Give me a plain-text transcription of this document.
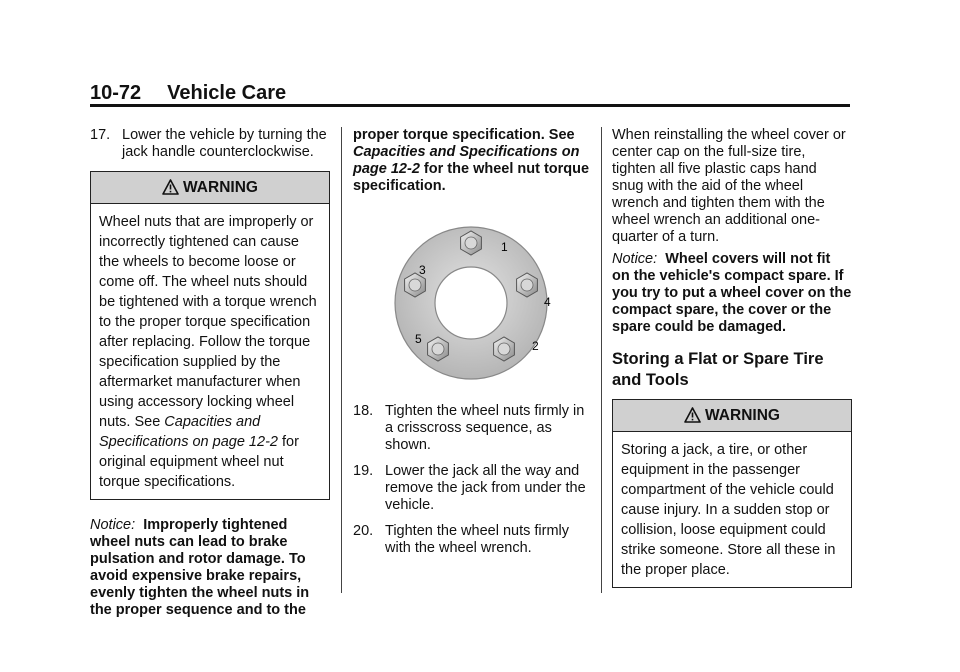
10-72 Vehicle Care
17. Lower the vehicle by turning the jack handle counterclockwise.
WARNING
Wheel nuts that are improperly or incorrectly tightened can cause the wheels to become loose or come off. The wheel nuts should be tightened with a torque wrench to the proper torque specification after replacing. Follow the torque specification supplied by the aftermarket manufacturer when using accessory locking wheel nuts. See Capacities and Specifications on page 12-2 for original equipment wheel nut torque specifications.
Notice: Improperly tightened wheel nuts can lead to brake pulsation and rotor damage. To avoid expensive brake repairs, evenly tighten the wheel nuts in the proper sequence and to the
proper torque specification. See Capacities and Specifications on page 12-2 for the wheel nut torque specification.
1
2
3
4
5
18. Tighten the wheel nuts firmly in a crisscross sequence, as shown.
19. Lower the jack all the way and remove the jack from under the vehicle.
20. Tighten the wheel nuts firmly with the wheel wrench.
When reinstalling the wheel cover or center cap on the full-size tire, tighten all five plastic caps hand snug with the aid of the wheel wrench and tighten them with the wheel wrench an additional one-quarter of a turn.
Notice: Wheel covers will not fit on the vehicle's compact spare. If you try to put a wheel cover on the compact spare, the cover or the spare could be damaged.
Storing a Flat or Spare Tire and Tools
WARNING
Storing a jack, a tire, or other equipment in the passenger compartment of the vehicle could cause injury. In a sudden stop or collision, loose equipment could strike someone. Store all these in the proper place.
